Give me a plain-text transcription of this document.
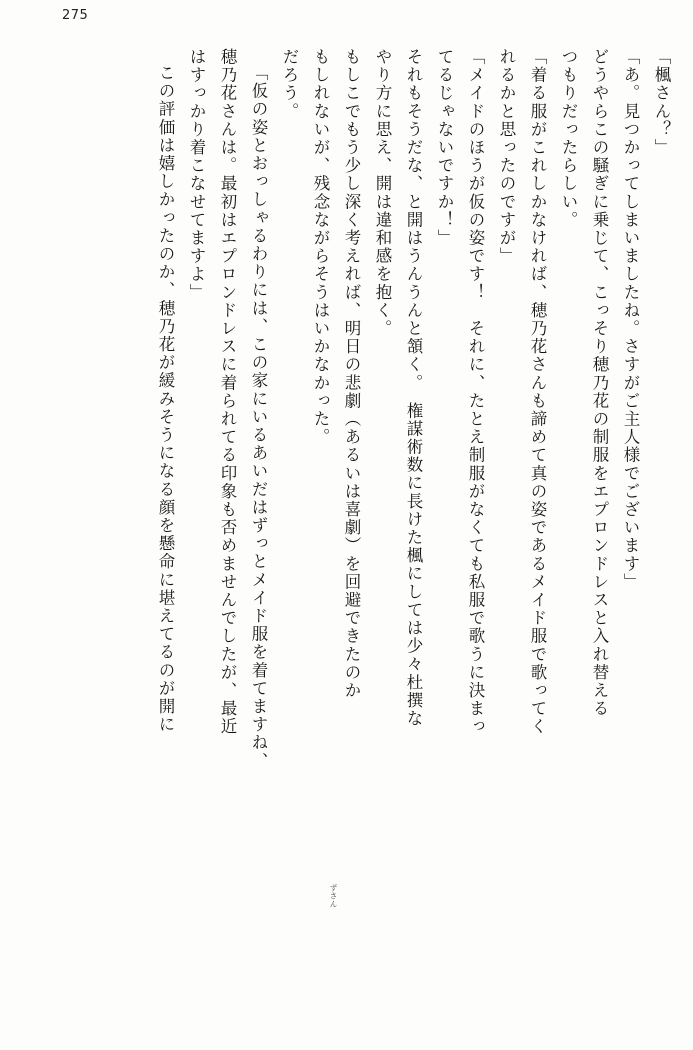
275
「楓さん？」
「あ。見つかってしまいましたね。さすがご主人様でございます」
どうやらこの騒ぎに乗じて、こっそり穂乃花の制服をエプロンドレスと入れ替える
つもりだったらしい。
「着る服がこれしかなければ、穂乃花さんも諦めて真の姿であるメイド服で歌ってく
れるかと思ったのですが」
「メイドのほうが仮の姿です！　それに、たとえ制服がなくても私服で歌うに決まっ
てるじゃないですか！」
それもそうだな、と開はうんうんと頷く。　権謀術数に長けた楓にしては少々杜撰な
やり方に思え、開は違和感を抱く。
もしこでもう少し深く考えれば、明日の悲劇（あるいは喜劇）を回避できたのか
もしれないが、残念ながらそうはいかなかった。
だろう。
「仮の姿とおっしゃるわりには、この家にいるあいだはずっとメイド服を着てますね、
穂乃花さんは。最初はエプロンドレスに着られてる印象も否めませんでしたが、最近
はすっかり着こなせてますよ」
この評価は嬉しかったのか、穂乃花が緩みそうになる顔を懸命に堪えてるのが開に
ずさん
